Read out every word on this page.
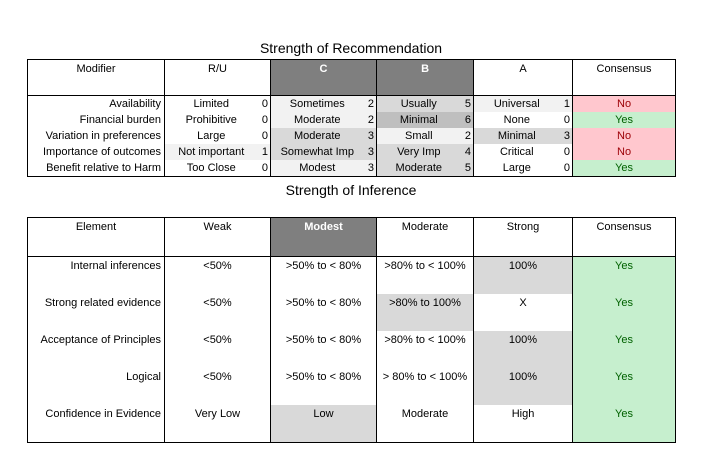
Strength of Recommendation
Modifier	R/U		C		B		A		Consensus
Availability	Limited	0	Sometimes	2	Usually	5	Universal	1	No
Financial burden	Prohibitive	0	Moderate	2	Minimal	6	None	0	Yes
Variation in preferences	Large	0	Moderate	3	Small	2	Minimal	3	No
Importance of outcomes	Not important	1	Somewhat Imp	3	Very Imp	4	Critical	0	No
Benefit relative to Harm	Too Close	0	Modest	3	Moderate	5	Large	0	Yes
Strength of Inference
Element	Weak	Modest	Moderate	Strong	Consensus
Internal inferences	<50%	>50% to < 80%	>80% to < 100%	100%	Yes
Strong related evidence	<50%	>50% to < 80%	>80% to 100%	X	Yes
Acceptance of Principles	<50%	>50% to < 80%	>80% to < 100%	100%	Yes
Logical	<50%	>50% to < 80%	> 80% to < 100%	100%	Yes
Confidence in Evidence	Very Low	Low	Moderate	High	Yes
